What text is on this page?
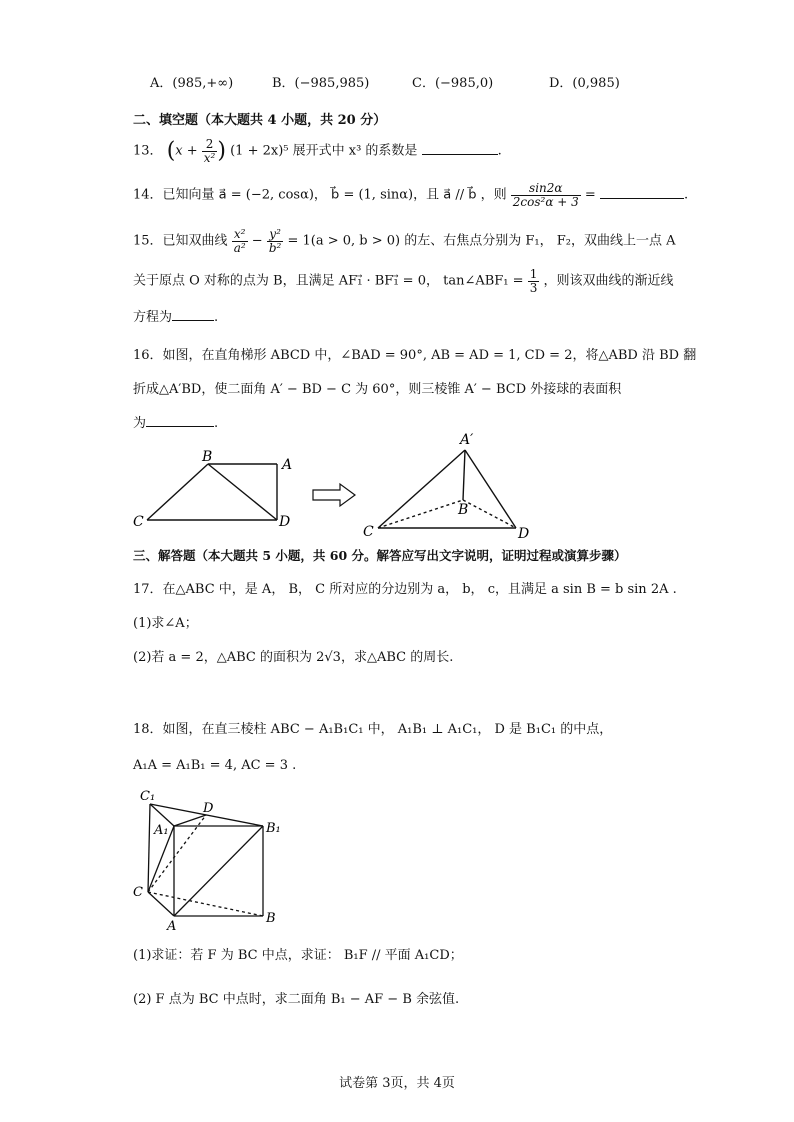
A．(985,+∞)	B．(−985,985)	C．(−985,0)	D．(0,985)
二、填空题（本大题共 4 小题，共 20 分）
13． ($x + \frac{2}{\text{x²}}$ ) (1 + 2x)⁵ 展开式中 x³ 的系数是	.
14．已知向量 a⃗ = (−2, cosα)， b⃗ = (1, sinα)，且 a⃗ // b⃗ ，则 $\frac{\sin 2\alpha}{\text{2cos²α + 3}}$ =	.
15．已知双曲线 $\frac{\text{x²}}{\text{a²}} - \frac{\text{y²}}{\text{b²}} = 1(a > 0$, b > 0) 的左、右焦点分别为 F₁， F₂，双曲线上一点 A
关于原点 O 对称的点为 B，且满足 AF₁⃗ · BF₁⃗ = 0， tan∠ABF₁ = $\frac{1}{3}$ ，则该双曲线的渐近线
方程为	.
16．如图，在直角梯形 ABCD 中，∠BAD = 90°, AB = AD = 1, CD = 2，将△ABD 沿 BD 翻
折成△A′BD，使二面角 A′ − BD − C 为 60°，则三棱锥 A′ − BCD 外接球的表面积
为	.
B	A
C	D
A′
B
C	D
三、解答题（本大题共 5 小题，共 60 分。解答应写出文字说明，证明过程或演算步骤）
17．在△ABC 中，是 A， B， C 所对应的分边别为 a， b， c，且满足 a sin B = b sin 2A .
(1)求∠A；
(2)若 a = 2，△ABC 的面积为 2√3，求△ABC 的周长.
18．如图，在直三棱柱 ABC − A₁B₁C₁ 中， A₁B₁ ⊥ A₁C₁， D 是 B₁C₁ 的中点，
A₁A = A₁B₁ = 4, AC = 3 .
C₁
D
A₁	B₁
C
A
B
(1)求证：若 F 为 BC 中点，求证： B₁F // 平面 A₁CD；
(2) F 点为 BC 中点时，求二面角 B₁ − AF − B 余弦值.
试卷第 3页，共 4页
